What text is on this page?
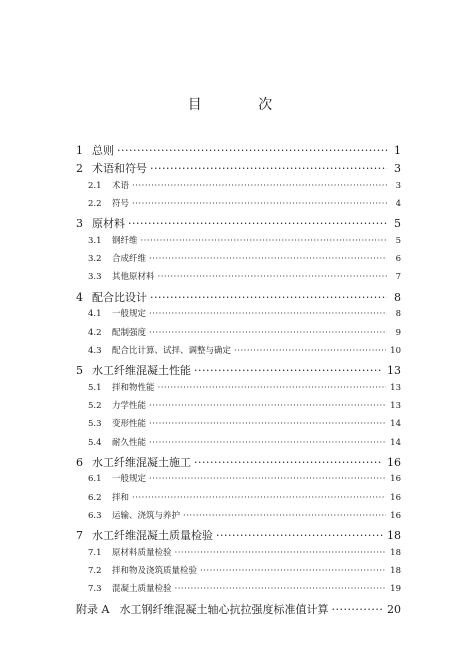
目 次
1 总则 ·····	1
2 术语和符号 ·····	3
2.1	术语 ·····	3
2.2	符号 ·····	4
3 原材料 ·····	5
3.1	钢纤维 ·····	5
3.2	合成纤维 ·····	6
3.3	其他原材料 ·····	7
4 配合比设计 ·····	8
4.1	一般规定 ·····	8
4.2	配制强度 ·····	9
4.3	配合比计算、试拌、调整与确定 ·····	10
5 水工纤维混凝土性能 ·····	13
5.1	拌和物性能 ·····	13
5.2	力学性能 ·····	13
5.3	变形性能 ·····	14
5.4	耐久性能 ·····	14
6 水工纤维混凝土施工 ·····	16
6.1	一般规定 ·····	16
6.2	拌和 ·····	16
6.3	运输、浇筑与养护 ·····	16
7 水工纤维混凝土质量检验 ·····	18
7.1	原材料质量检验 ·····	18
7.2	拌和物及浇筑质量检验 ·····	18
7.3	混凝土质量检验 ·····	19
附录 A 水工钢纤维混凝土轴心抗拉强度标准值计算 ·····	20
